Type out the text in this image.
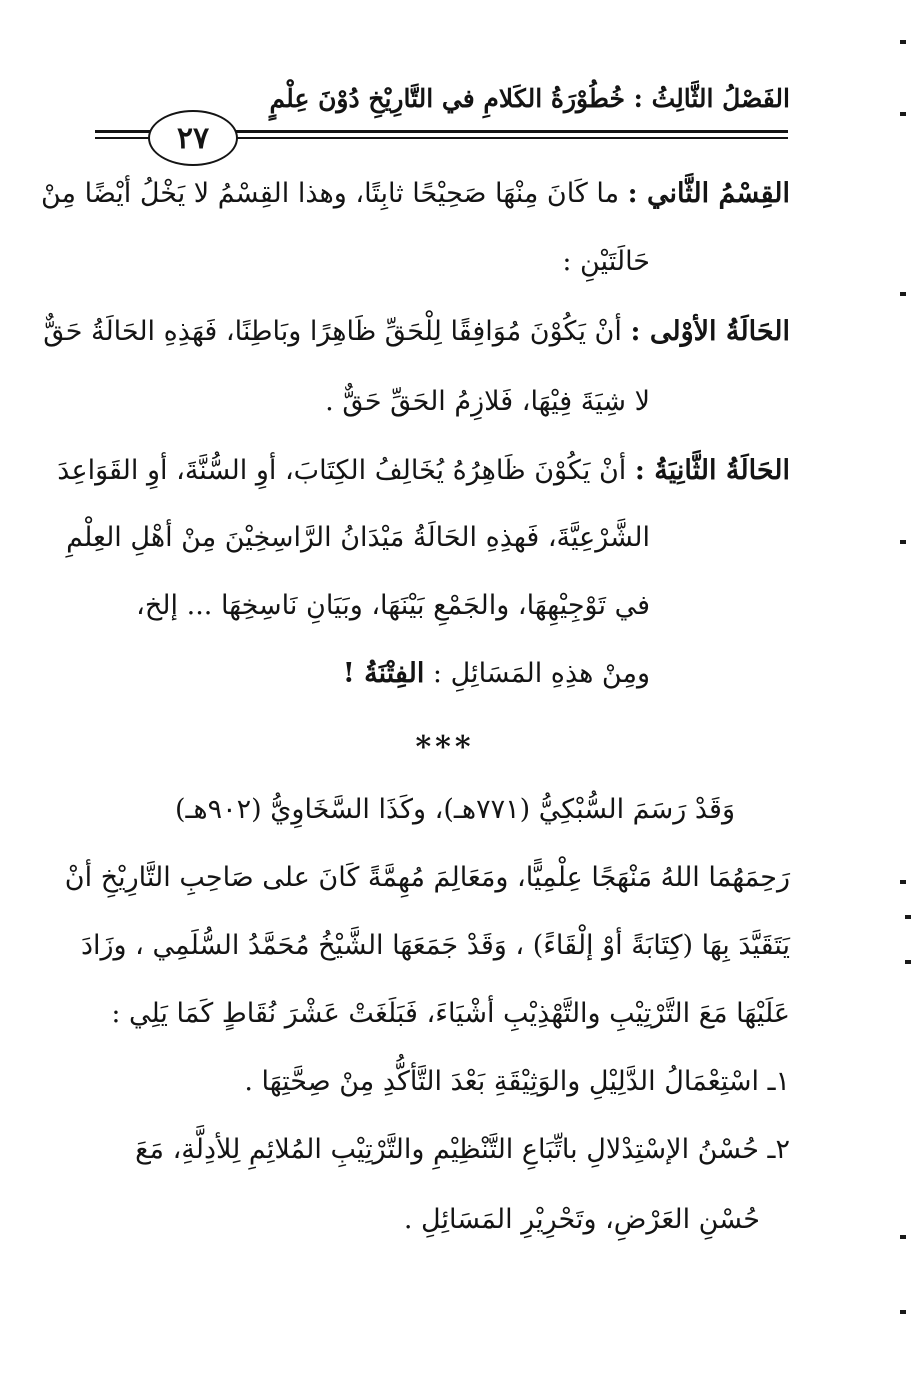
الفَصْلُ الثَّالِثُ : خُطُوْرَةُ الكَلامِ في التَّارِيْخِ دُوْنَ عِلْمٍ
٢٧
القِسْمُ الثَّاني : ما كَانَ مِنْهَا صَحِيْحًا ثابِتًا، وهذا القِسْمُ لا يَخْلُ أيْضًا مِنْ
حَالَتَيْنِ :
الحَالَةُ الأوْلى : أنْ يَكُوْنَ مُوَافِقًا لِلْحَقِّ ظَاهِرًا وبَاطِنًا، فَهَذِهِ الحَالَةُ حَقٌّ
لا شِيَةَ فِيْهَا، فَلازِمُ الحَقِّ حَقٌّ .
الحَالَةُ الثَّانِيَةُ : أنْ يَكُوْنَ ظَاهِرُهُ يُخَالِفُ الكِتَابَ، أوِ السُّنَّةَ، أوِ القَوَاعِدَ
الشَّرْعِيَّةَ، فَهذِهِ الحَالَةُ مَيْدَانُ الرَّاسِخِيْنَ مِنْ أهْلِ العِلْمِ
في تَوْجِيْهِهَا، والجَمْعِ بَيْنَهَا، وبَيَانِ نَاسِخِهَا ... إلخ،
ومِنْ هذِهِ المَسَائِلِ : الفِتْنَةُ !
***
وَقَدْ رَسَمَ السُّبْكِيُّ (٧٧١هـ)، وكَذَا السَّخَاوِيُّ (٩٠٢هـ)
رَحِمَهُمَا اللهُ مَنْهَجًا عِلْمِيًّا، ومَعَالِمَ مُهِمَّةً كَانَ على صَاحِبِ التَّارِيْخِ أنْ
يَتَقَيَّدَ بِهَا (كِتَابَةً أوْ إلْقَاءً) ، وَقَدْ جَمَعَهَا الشَّيْخُ مُحَمَّدُ السُّلَمِي ، وزَادَ
عَلَيْهَا مَعَ التَّرْتِيْبِ والتَّهْذِيْبِ أشْيَاءَ، فَبَلَغَتْ عَشْرَ نُقَاطٍ كَمَا يَلِي :
١ـ اسْتِعْمَالُ الدَّلِيْلِ والوَثِيْقَةِ بَعْدَ التَّأكُّدِ مِنْ صِحَّتِهَا .
٢ـ حُسْنُ الإسْتِدْلالِ باتِّبَاعِ التَّنْظِيْمِ والتَّرْتِيْبِ المُلائِمِ لِلأدِلَّةِ، مَعَ
حُسْنِ العَرْضِ، وتَحْرِيْرِ المَسَائِلِ .
